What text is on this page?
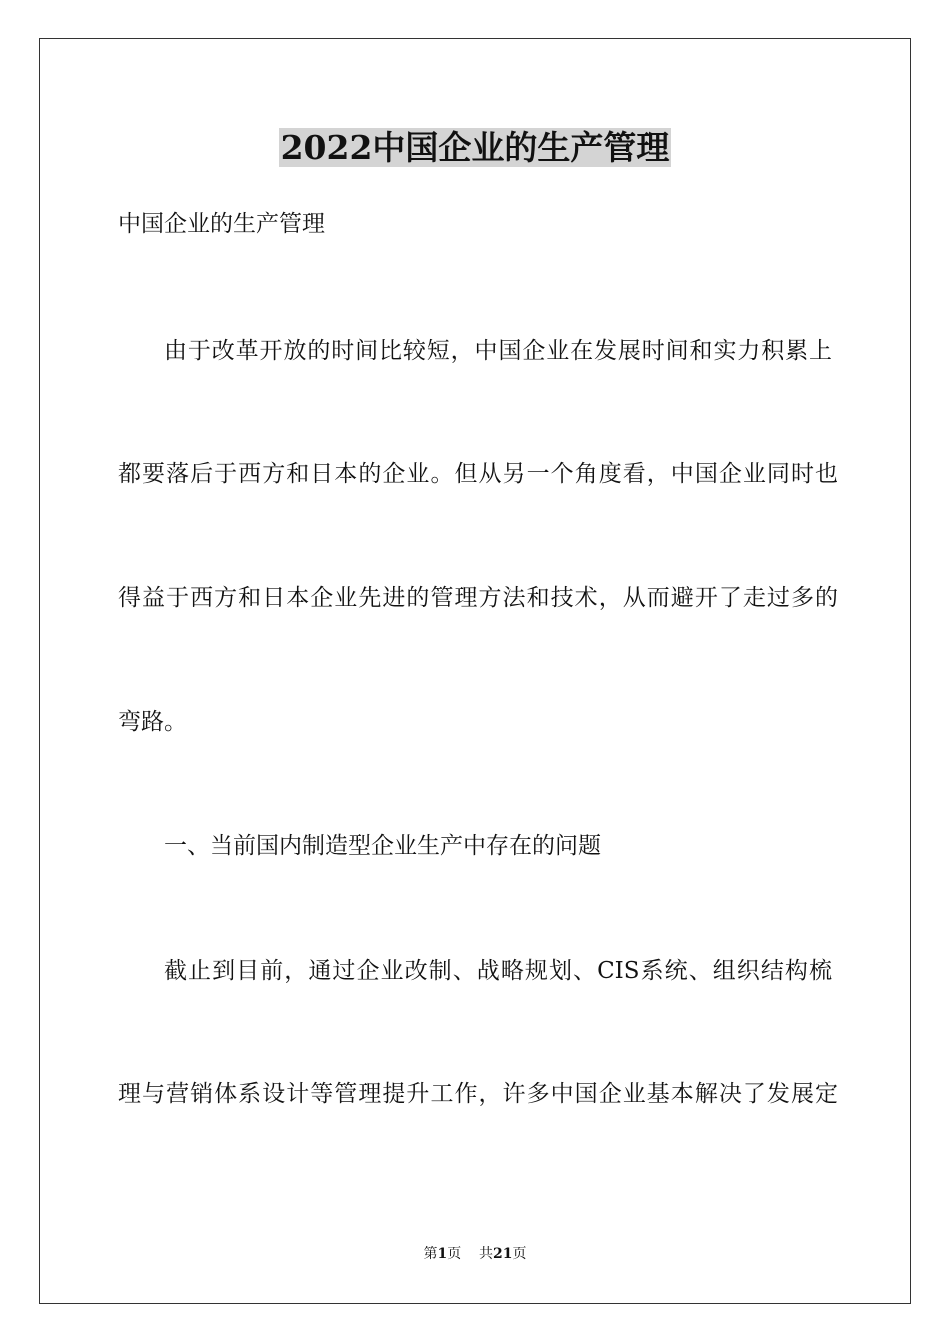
2022中国企业的生产管理

中国企业的生产管理

由于改革开放的时间比较短，中国企业在发展时间和实力积累上

都要落后于西方和日本的企业。但从另一个角度看，中国企业同时也

得益于西方和日本企业先进的管理方法和技术，从而避开了走过多的

弯路。

一、当前国内制造型企业生产中存在的问题

截止到目前，通过企业改制、战略规划、CIS系统、组织结构梳

理与营销体系设计等管理提升工作，许多中国企业基本解决了发展定

第1页 共21页
